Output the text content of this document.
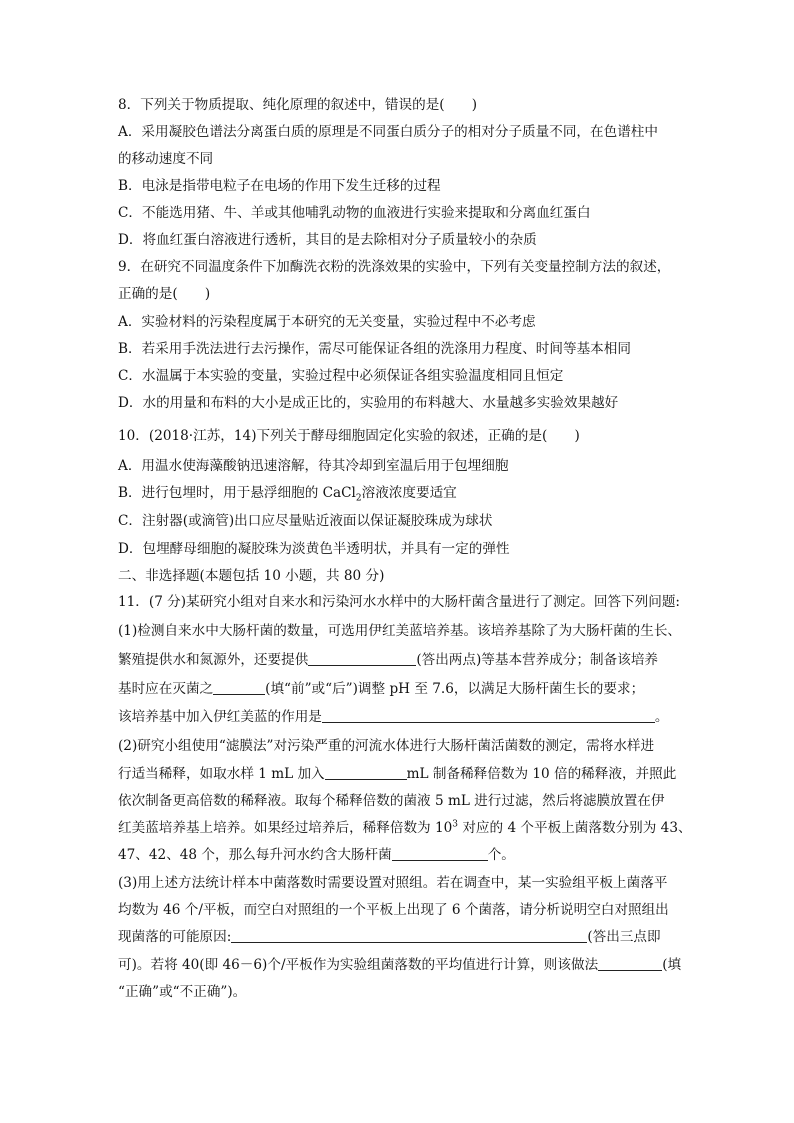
8．下列关于物质提取、纯化原理的叙述中，错误的是(　　)
A．采用凝胶色谱法分离蛋白质的原理是不同蛋白质分子的相对分子质量不同，在色谱柱中
的移动速度不同
B．电泳是指带电粒子在电场的作用下发生迁移的过程
C．不能选用猪、牛、羊或其他哺乳动物的血液进行实验来提取和分离血红蛋白
D．将血红蛋白溶液进行透析，其目的是去除相对分子质量较小的杂质
9．在研究不同温度条件下加酶洗衣粉的洗涤效果的实验中，下列有关变量控制方法的叙述，
正确的是(　　)
A．实验材料的污染程度属于本研究的无关变量，实验过程中不必考虑
B．若采用手洗法进行去污操作，需尽可能保证各组的洗涤用力程度、时间等基本相同
C．水温属于本实验的变量，实验过程中必须保证各组实验温度相同且恒定
D．水的用量和布料的大小是成正比的，实验用的布料越大、水量越多实验效果越好
10．(2018·江苏，14)下列关于酵母细胞固定化实验的叙述，正确的是(　　)
A．用温水使海藻酸钠迅速溶解，待其冷却到室温后用于包埋细胞
B．进行包埋时，用于悬浮细胞的 CaCl$_2$溶液浓度要适宜
C．注射器(或滴管)出口应尽量贴近液面以保证凝胶珠成为球状
D．包埋酵母细胞的凝胶珠为淡黄色半透明状，并具有一定的弹性
二、非选择题(本题包括 10 小题，共 80 分)
11．(7 分)某研究小组对自来水和污染河水水样中的大肠杆菌含量进行了测定。回答下列问题:
(1)检测自来水中大肠杆菌的数量，可选用伊红美蓝培养基。该培养基除了为大肠杆菌的生长、
繁殖提供水和氮源外，还要提供	(答出两点)等基本营养成分；制备该培养
基时应在灭菌之	(填“前”或“后”)调整 pH 至 7.6，以满足大肠杆菌生长的要求；
该培养基中加入伊红美蓝的作用是	。
(2)研究小组使用“滤膜法”对污染严重的河流水体进行大肠杆菌活菌数的测定，需将水样进
行适当稀释，如取水样 1 mL 加入	mL 制备稀释倍数为 10 倍的稀释液，并照此
依次制备更高倍数的稀释液。取每个稀释倍数的菌液 5 mL 进行过滤，然后将滤膜放置在伊
红美蓝培养基上培养。如果经过培养后，稀释倍数为 $10^3$ 对应的 4 个平板上菌落数分别为 43、
47、42、48 个，那么每升河水约含大肠杆菌	个。
(3)用上述方法统计样本中菌落数时需要设置对照组。若在调查中，某一实验组平板上菌落平
均数为 46 个/平板，而空白对照组的一个平板上出现了 6 个菌落，请分析说明空白对照组出
现菌落的可能原因:	(答出三点即
可)。若将 40(即 46－6)个/平板作为实验组菌落数的平均值进行计算，则该做法	(填
“正确”或“不正确”)。
